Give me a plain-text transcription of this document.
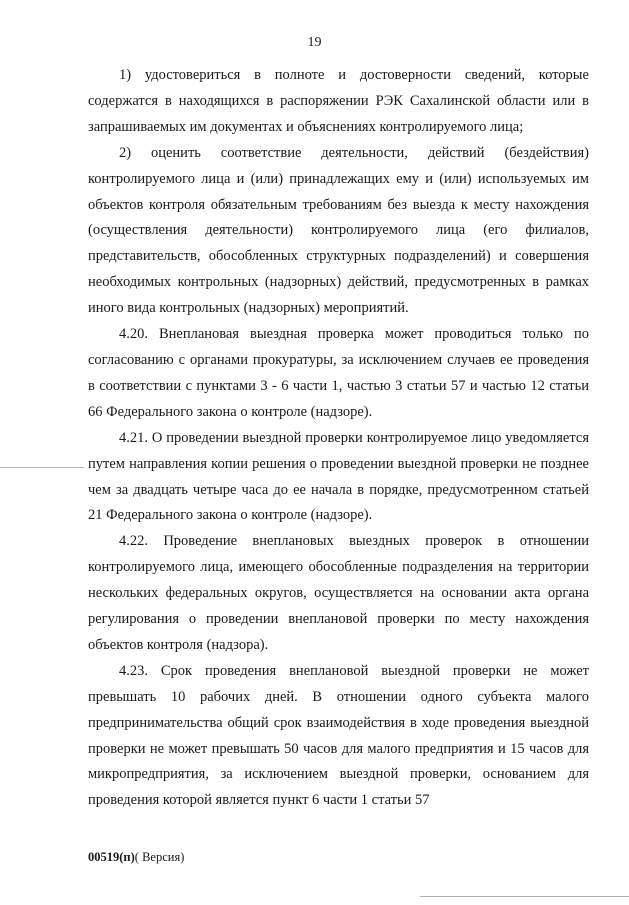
19

1) удостовериться в полноте и достоверности сведений, которые содержатся в находящихся в распоряжении РЭК Сахалинской области или в запрашиваемых им документах и объяснениях контролируемого лица;

2) оценить соответствие деятельности, действий (бездействия) контролируемого лица и (или) принадлежащих ему и (или) используемых им объектов контроля обязательным требованиям без выезда к месту нахождения (осуществления деятельности) контролируемого лица (его филиалов, представительств, обособленных структурных подразделений) и совершения необходимых контрольных (надзорных) действий, предусмотренных в рамках иного вида контрольных (надзорных) мероприятий.

4.20. Внеплановая выездная проверка может проводиться только по согласованию с органами прокуратуры, за исключением случаев ее проведения в соответствии с пунктами 3 - 6 части 1, частью 3 статьи 57 и частью 12 статьи 66 Федерального закона о контроле (надзоре).

4.21. О проведении выездной проверки контролируемое лицо уведомляется путем направления копии решения о проведении выездной проверки не позднее чем за двадцать четыре часа до ее начала в порядке, предусмотренном статьей 21 Федерального закона о контроле (надзоре).

4.22. Проведение внеплановых выездных проверок в отношении контролируемого лица, имеющего обособленные подразделения на территории нескольких федеральных округов, осуществляется на основании акта органа регулирования о проведении внеплановой проверки по месту нахождения объектов контроля (надзора).

4.23. Срок проведения внеплановой выездной проверки не может превышать 10 рабочих дней. В отношении одного субъекта малого предпринимательства общий срок взаимодействия в ходе проведения выездной проверки не может превышать 50 часов для малого предприятия и 15 часов для микропредприятия, за исключением выездной проверки, основанием для проведения которой является пункт 6 части 1 статьи 57

00519(п)( Версия)
